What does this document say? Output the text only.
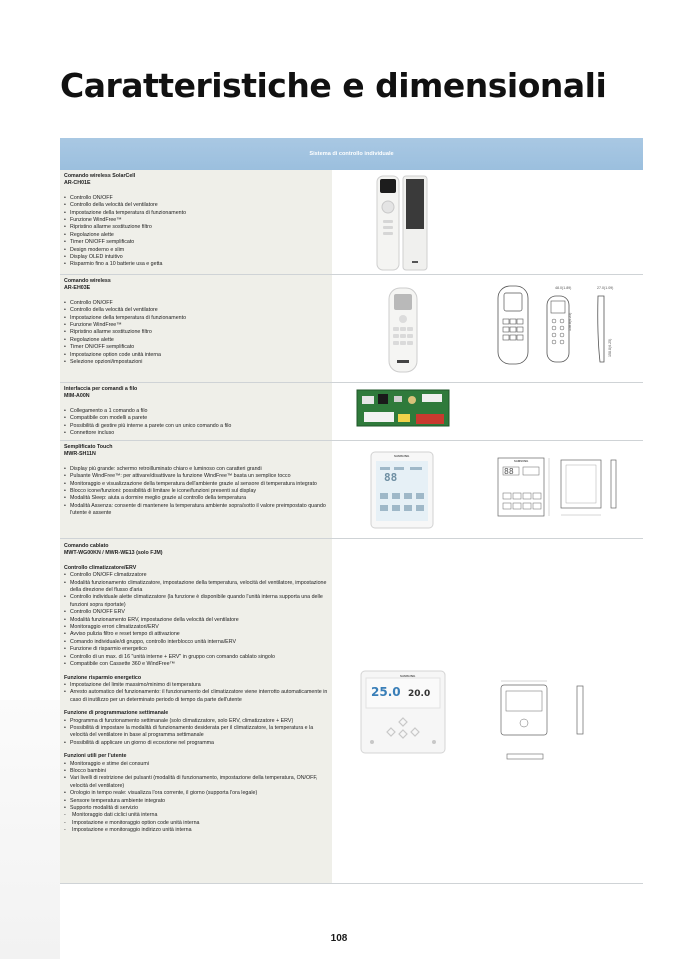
Caratteristiche e dimensionali
Sistema di controllo individuale
Comando wireless SolarCell
AR-CH01E
• Controllo ON/OFF
• Controllo della velocità del ventilatore
• Impostazione della temperatura di funzionamento
• Funzione WindFree™
• Ripristino allarme sostituzione filtro
• Regolazione alette
• Timer ON/OFF semplificato
• Design moderno e slim
• Display OLED intuitivo
• Risparmio fino a 10 batterie usa e getta
Comando wireless
AR-EH03E
• Controllo ON/OFF
• Controllo della velocità del ventilatore
• Impostazione della temperatura di funzionamento
• Funzione WindFree™
• Ripristino allarme sostituzione filtro
• Regolazione alette
• Timer ON/OFF semplificato
• Impostazione option code unità interna
• Selezione opzioni/impostazioni
48.0(1.89)	27.0(1.09)
158.8(6.25)
158.8(6.25)
Interfaccia per comandi a filo
MIM-A00N
• Collegamento a 1 comando a filo
• Compatibile con modelli a parete
• Possibilità di gestire più interne a parete con un unico comando a filo
• Connettore incluso
Semplificato Touch
MWR-SH11N
• Display più grande: schermo retroilluminato chiaro e luminoso con caratteri grandi
• Pulsante WindFree™: per attivare/disattivare la funzione WindFree™ basta un semplice tocco
• Monitoraggio e visualizzazione della temperatura dell'ambiente grazie al sensore di temperatura integrato
• Blocco icone/funzioni: possibilità di limitare le icone/funzioni presenti sul display
• Modalità Sleep: aiuta a dormire meglio grazie al controllo della temperatura
• Modalità Assenza: consente di mantenere la temperatura ambiente sopra/sotto il valore preimpostato quando l'utente è assente
SAMSUNG
88
SAMSUNG
88
Comando cablato
MWT-WG00KN / MWR-WE13 (solo FJM)
Controllo climatizzatore/ERV
• Controllo ON/OFF climatizzatore
• Modalità funzionamento climatizzatore, impostazione della temperatura, velocità del ventilatore, impostazione della direzione del flusso d'aria
• Controllo individuale alette climatizzatore (la funzione è disponibile quando l'unità interna supporta una delle funzioni sopra riportate)
• Controllo ON/OFF ERV
• Modalità funzionamento ERV, impostazione della velocità del ventilatore
• Monitoraggio errori climatizzatori/ERV
• Avviso pulizia filtro e reset tempo di attivazione
• Comando individuale/di gruppo, controllo interblocco unità interna/ERV
• Funzione di risparmio energetico
• Controllo di un max. di 16 "unità interne + ERV" in gruppo con comando cablato singolo
• Compatibile con Cassette 360 e WindFree™
Funzione risparmio energetico
• Impostazione del limite massimo/minimo di temperatura
• Arresto automatico del funzionamento: il funzionamento del climatizzatore viene interrotto automaticamente in caso di inutilizzo per un determinato periodo di tempo da parte dell'utente
Funzione di programmazione settimanale
• Programma di funzionamento settimanale (solo climatizzatore, solo ERV, climatizzatore + ERV)
• Possibilità di impostare la modalità di funzionamento desiderata per il climatizzatore, la temperatura e la velocità del ventilatore in base al programma settimanale
• Possibilità di applicare un giorno di eccezione nel programma
Funzioni utili per l'utente
• Monitoraggio e stime dei consumi
• Blocco bambini
• Vari livelli di restrizione dei pulsanti (modalità di funzionamento, impostazione della temperatura, ON/OFF, velocità del ventilatore)
• Orologio in tempo reale: visualizza l'ora corrente, il giorno (supporta l'ora legale)
• Sensore temperatura ambiente integrato
• Supporto modalità di servizio
- Monitoraggio dati ciclici unità interna
- Impostazione e monitoraggio option code unità interna
- Impostazione e monitoraggio indirizzo unità interna
SAMSUNG
25.0 20.0
108
